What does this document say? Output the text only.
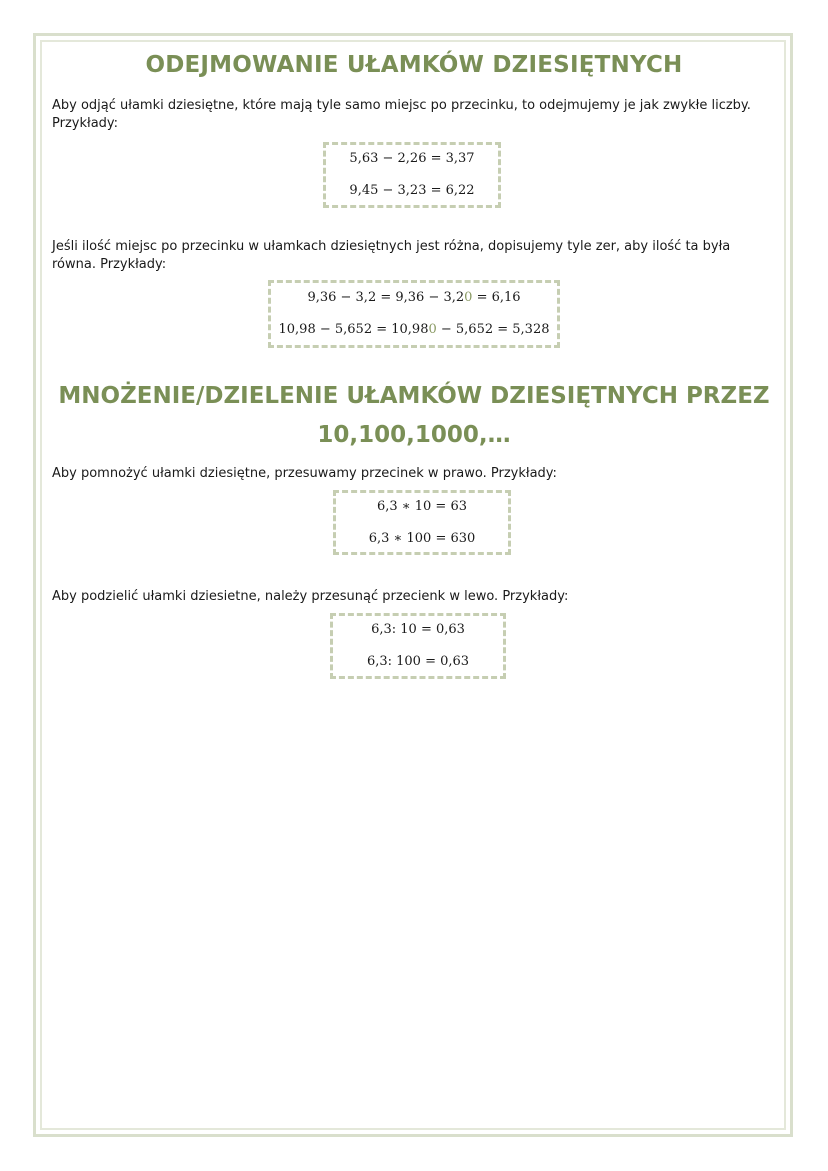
ODEJMOWANIE UŁAMKÓW DZIESIĘTNYCH

Aby odjąć ułamki dziesiętne, które mają tyle samo miejsc po przecinku, to odejmujemy je jak zwykłe liczby.
Przykłady:

5,63 − 2,26 = 3,37
9,45 − 3,23 = 6,22

Jeśli ilość miejsc po przecinku w ułamkach dziesiętnych jest różna, dopisujemy tyle zer, aby ilość ta była równa. Przykłady:

9,36 − 3,2 = 9,36 − 3,20 = 6,16
10,98 − 5,652 = 10,980 − 5,652 = 5,328
MNOŻENIE/DZIELENIE UŁAMKÓW DZIESIĘTNYCH PRZEZ
10,100,1000,…

Aby pomnożyć ułamki dziesiętne, przesuwamy przecinek w prawo. Przykłady:

6,3 ∗ 10 = 63
6,3 ∗ 100 = 630

Aby podzielić ułamki dziesietne, należy przesunąć przecienk w lewo. Przykłady:

6,3: 10 = 0,63
6,3: 100 = 0,63
